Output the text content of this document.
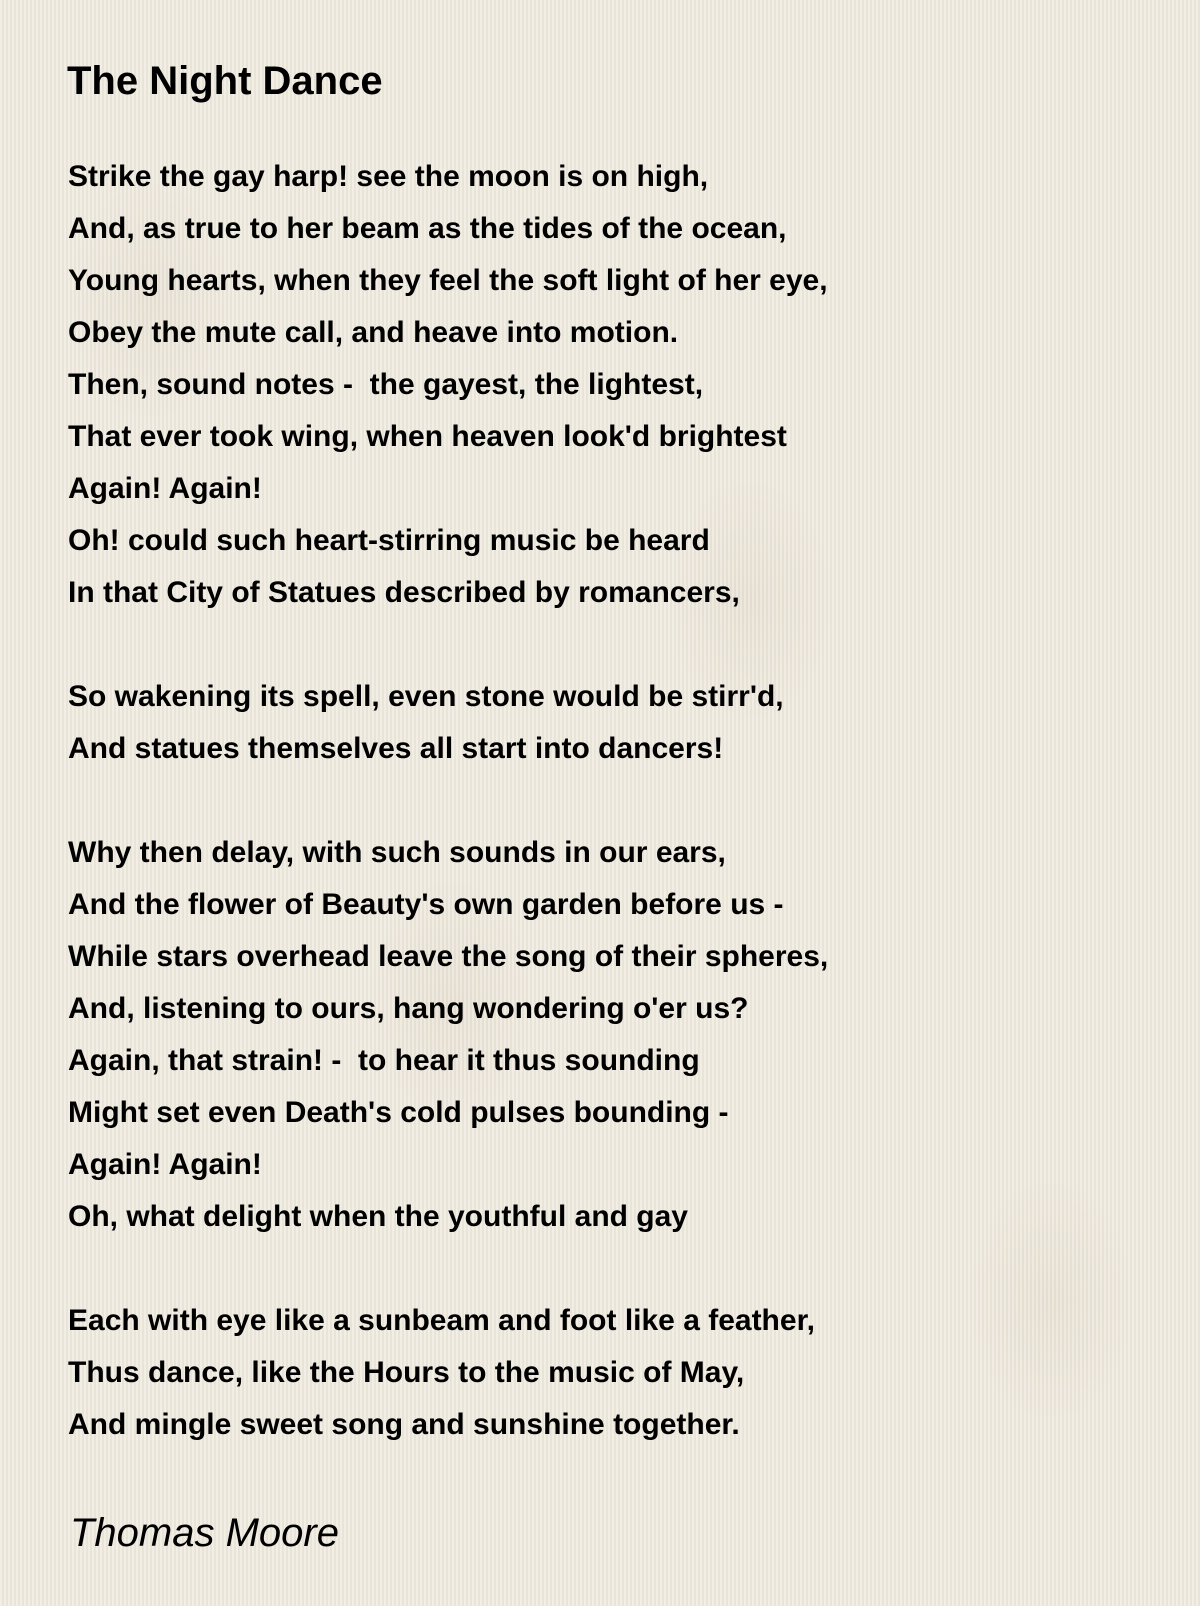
The Night Dance
Strike the gay harp! see the moon is on high,
And, as true to her beam as the tides of the ocean,
Young hearts, when they feel the soft light of her eye,
Obey the mute call, and heave into motion.
Then, sound notes -  the gayest, the lightest,
That ever took wing, when heaven look'd brightest
Again! Again!
Oh! could such heart-stirring music be heard
In that City of Statues described by romancers,
So wakening its spell, even stone would be stirr'd,
And statues themselves all start into dancers!
Why then delay, with such sounds in our ears,
And the flower of Beauty's own garden before us -
While stars overhead leave the song of their spheres,
And, listening to ours, hang wondering o'er us?
Again, that strain! -  to hear it thus sounding
Might set even Death's cold pulses bounding -
Again! Again!
Oh, what delight when the youthful and gay
Each with eye like a sunbeam and foot like a feather,
Thus dance, like the Hours to the music of May,
And mingle sweet song and sunshine together.
Thomas Moore
